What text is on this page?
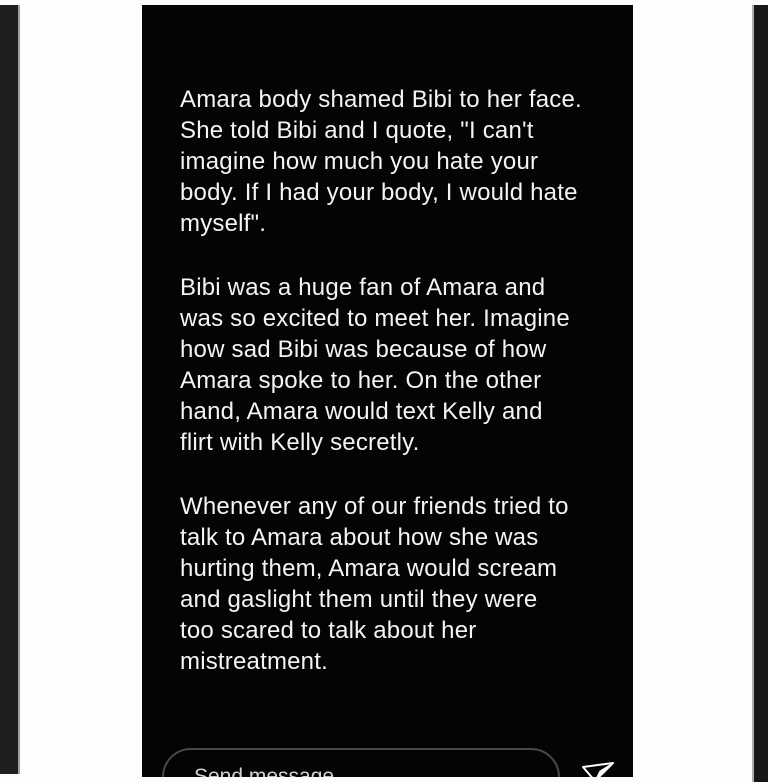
Amara body shamed Bibi to her face.
She told Bibi and I quote, "I can't
imagine how much you hate your
body. If I had your body, I would hate
myself".
Bibi was a huge fan of Amara and
was so excited to meet her. Imagine
how sad Bibi was because of how
Amara spoke to her. On the other
hand, Amara would text Kelly and
flirt with Kelly secretly.
Whenever any of our friends tried to
talk to Amara about how she was
hurting them, Amara would scream
and gaslight them until they were
too scared to talk about her
mistreatment.
Send message
